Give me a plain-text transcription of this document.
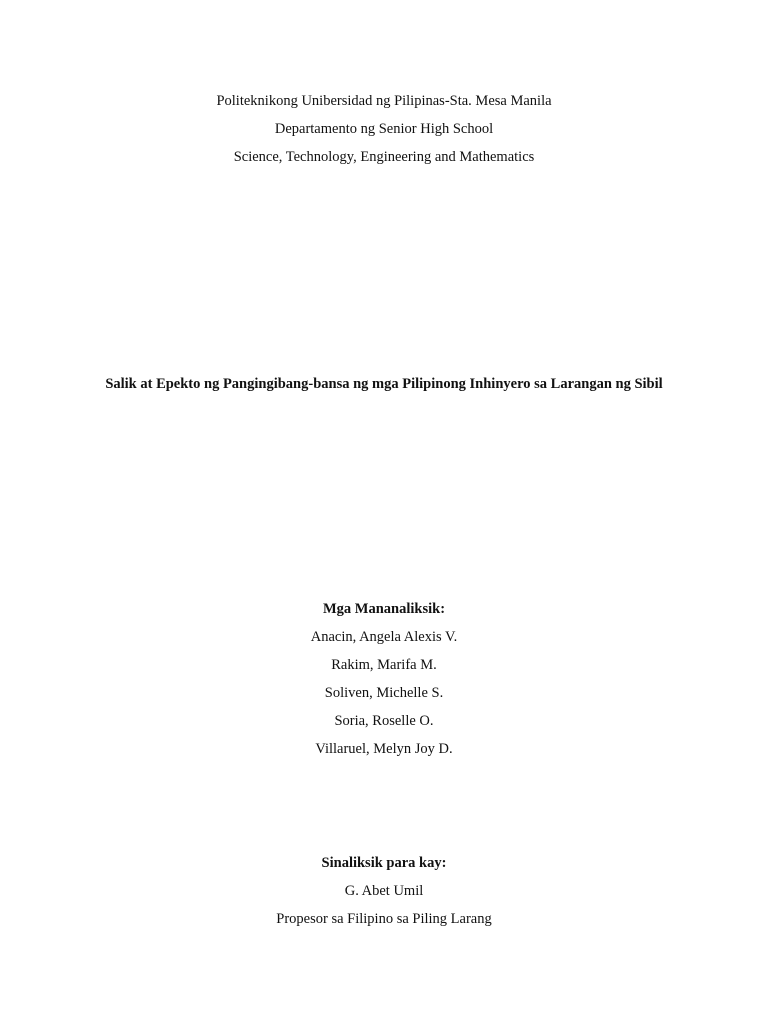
Politeknikong Unibersidad ng Pilipinas-Sta. Mesa Manila
Departamento ng Senior High School
Science, Technology, Engineering and Mathematics
Salik at Epekto ng Pangingibang-bansa ng mga Pilipinong Inhinyero sa Larangan ng Sibil
Mga Mananaliksik:
Anacin, Angela Alexis V.
Rakim, Marifa M.
Soliven, Michelle S.
Soria, Roselle O.
Villaruel, Melyn Joy D.
Sinaliksik para kay:
G. Abet Umil
Propesor sa Filipino sa Piling Larang
